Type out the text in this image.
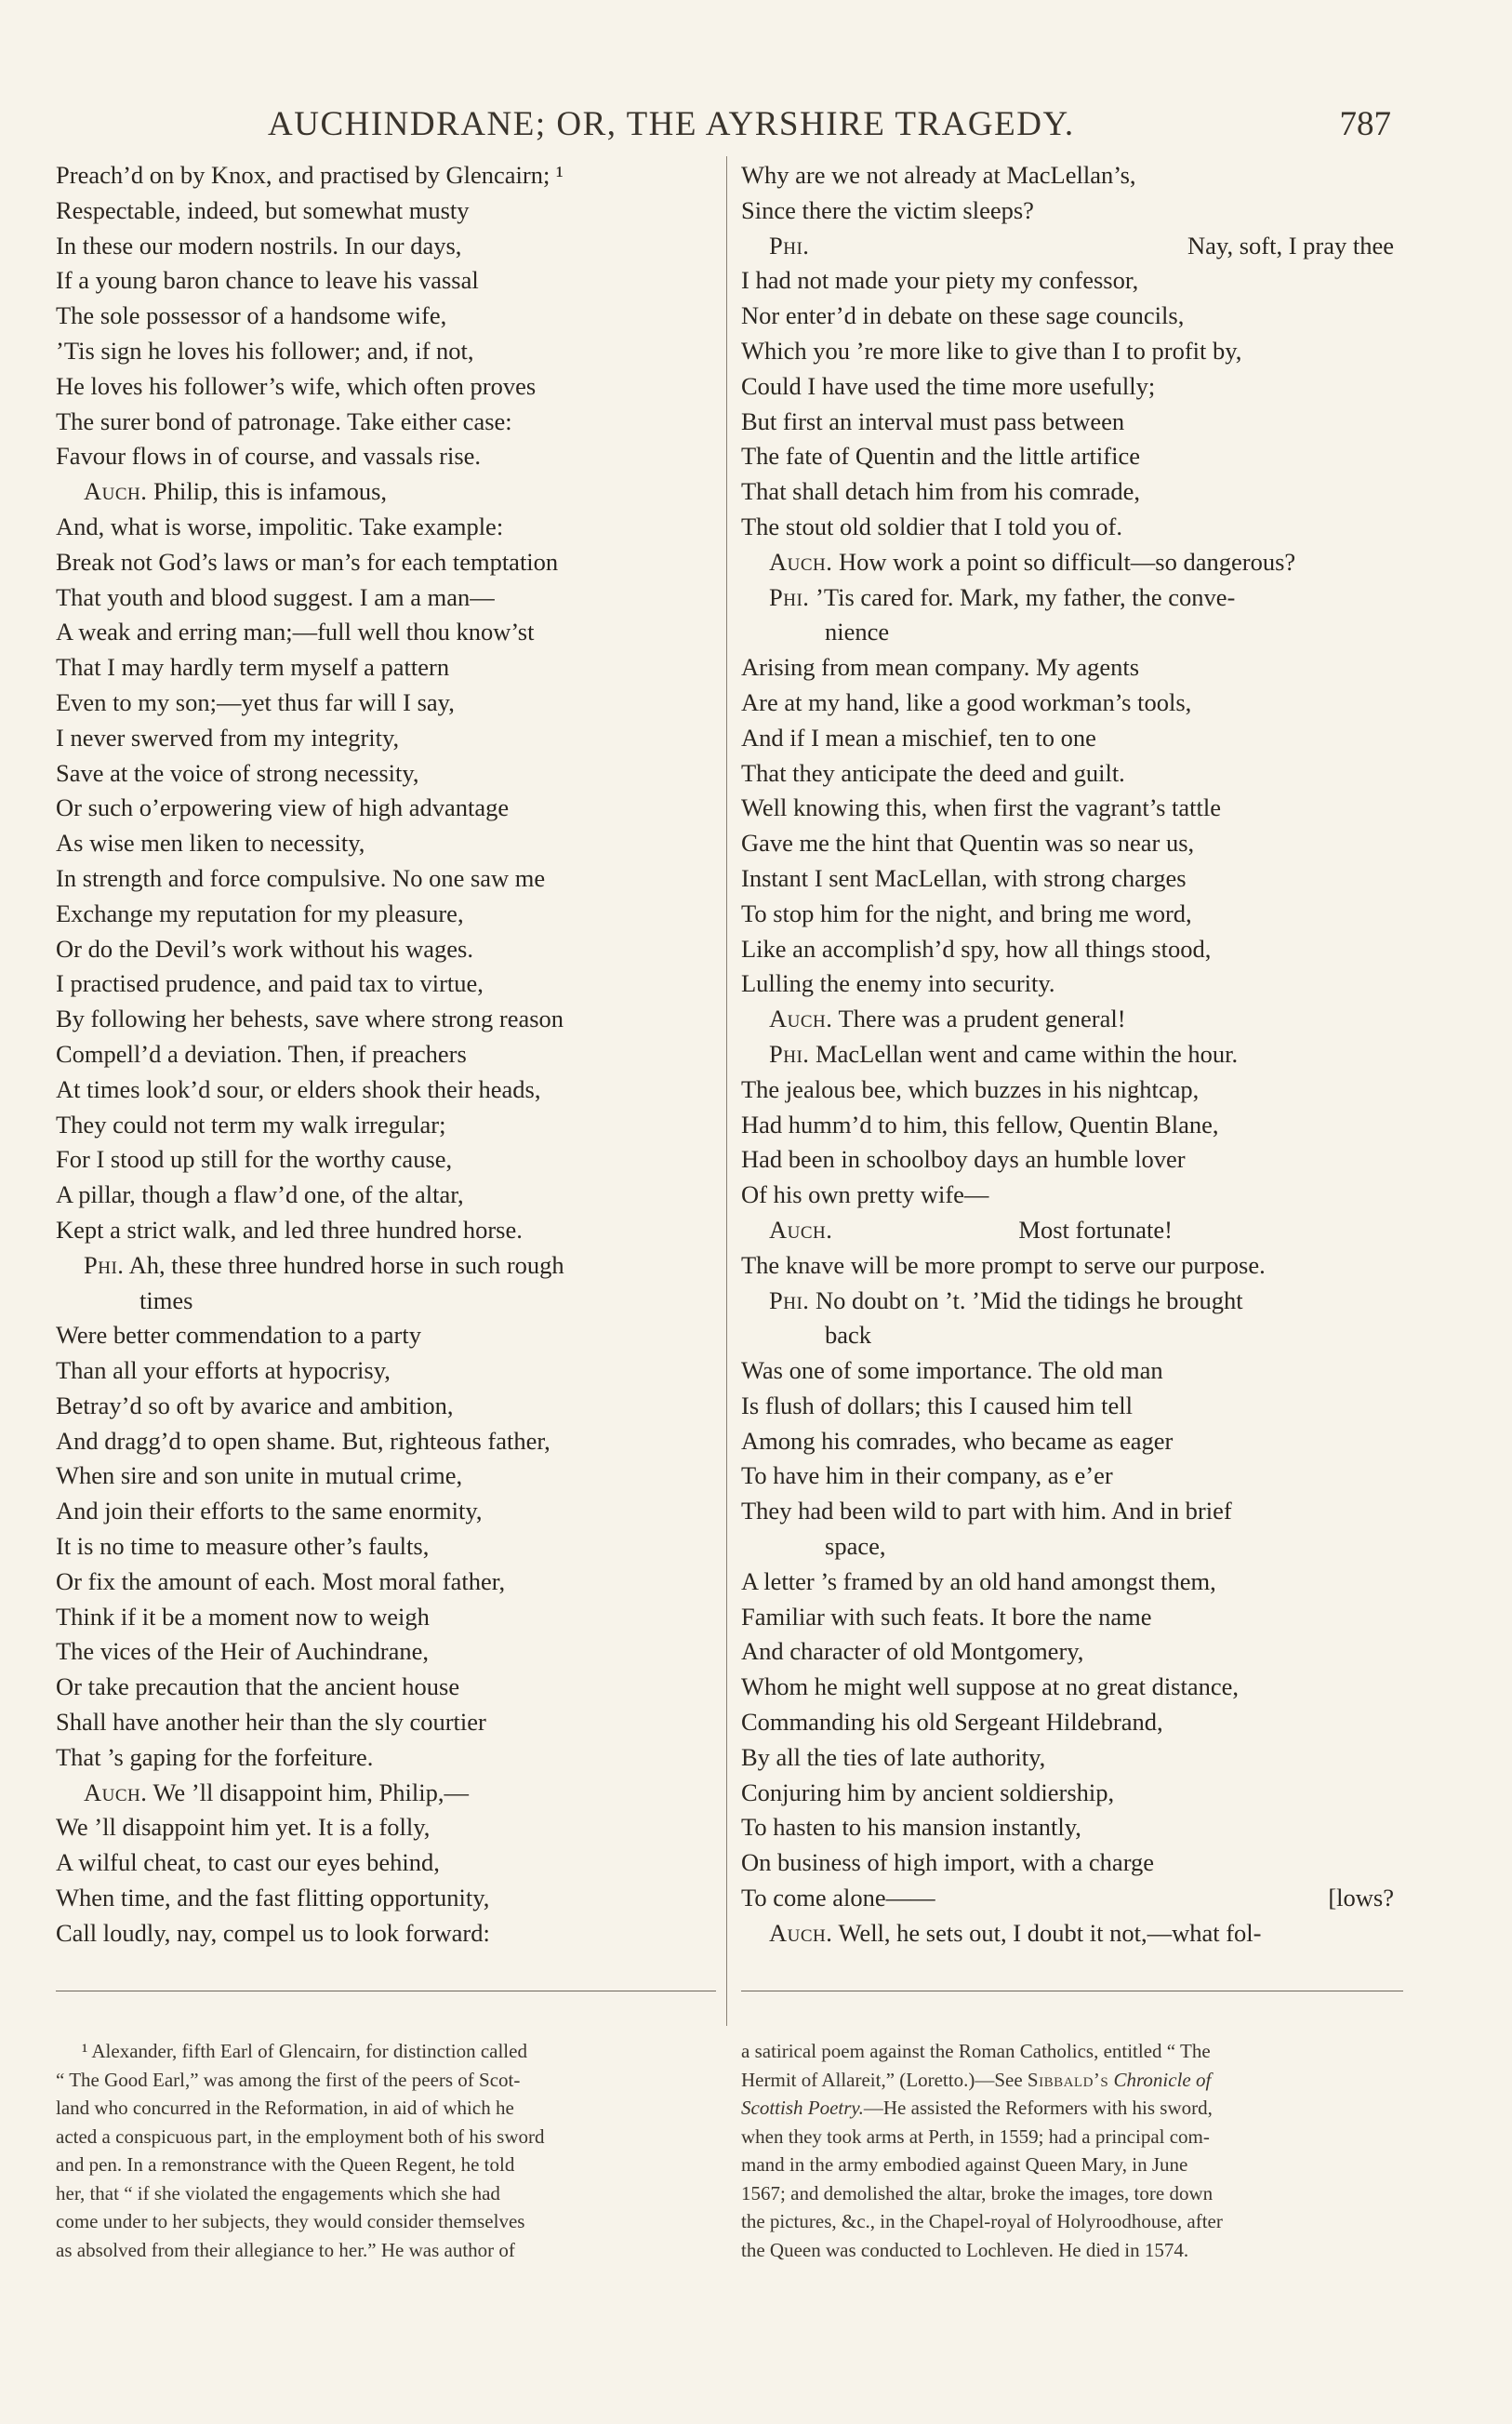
AUCHINDRANE; OR, THE AYRSHIRE TRAGEDY.	787
Preach’d on by Knox, and practised by Glencairn; ¹
Respectable, indeed, but somewhat musty
In these our modern nostrils. In our days,
If a young baron chance to leave his vassal
The sole possessor of a handsome wife,
’Tis sign he loves his follower; and, if not,
He loves his follower’s wife, which often proves
The surer bond of patronage. Take either case:
Favour flows in of course, and vassals rise.
Auch. Philip, this is infamous,
And, what is worse, impolitic. Take example:
Break not God’s laws or man’s for each temptation
That youth and blood suggest. I am a man—
A weak and erring man;—full well thou know’st
That I may hardly term myself a pattern
Even to my son;—yet thus far will I say,
I never swerved from my integrity,
Save at the voice of strong necessity,
Or such o’erpowering view of high advantage
As wise men liken to necessity,
In strength and force compulsive. No one saw me
Exchange my reputation for my pleasure,
Or do the Devil’s work without his wages.
I practised prudence, and paid tax to virtue,
By following her behests, save where strong reason
Compell’d a deviation. Then, if preachers
At times look’d sour, or elders shook their heads,
They could not term my walk irregular;
For I stood up still for the worthy cause,
A pillar, though a flaw’d one, of the altar,
Kept a strict walk, and led three hundred horse.
Phi. Ah, these three hundred horse in such rough
times
Were better commendation to a party
Than all your efforts at hypocrisy,
Betray’d so oft by avarice and ambition,
And dragg’d to open shame. But, righteous father,
When sire and son unite in mutual crime,
And join their efforts to the same enormity,
It is no time to measure other’s faults,
Or fix the amount of each. Most moral father,
Think if it be a moment now to weigh
The vices of the Heir of Auchindrane,
Or take precaution that the ancient house
Shall have another heir than the sly courtier
That ’s gaping for the forfeiture.
Auch. We ’ll disappoint him, Philip,—
We ’ll disappoint him yet. It is a folly,
A wilful cheat, to cast our eyes behind,
When time, and the fast flitting opportunity,
Call loudly, nay, compel us to look forward:
Why are we not already at MacLellan’s,
Since there the victim sleeps?
Phi.	Nay, soft, I pray thee
I had not made your piety my confessor,
Nor enter’d in debate on these sage councils,
Which you ’re more like to give than I to profit by,
Could I have used the time more usefully;
But first an interval must pass between
The fate of Quentin and the little artifice
That shall detach him from his comrade,
The stout old soldier that I told you of.
Auch. How work a point so difficult—so dangerous?
Phi. ’Tis cared for. Mark, my father, the conve-
nience
Arising from mean company. My agents
Are at my hand, like a good workman’s tools,
And if I mean a mischief, ten to one
That they anticipate the deed and guilt.
Well knowing this, when first the vagrant’s tattle
Gave me the hint that Quentin was so near us,
Instant I sent MacLellan, with strong charges
To stop him for the night, and bring me word,
Like an accomplish’d spy, how all things stood,
Lulling the enemy into security.
Auch. There was a prudent general!
Phi. MacLellan went and came within the hour.
The jealous bee, which buzzes in his nightcap,
Had humm’d to him, this fellow, Quentin Blane,
Had been in schoolboy days an humble lover
Of his own pretty wife—
Auch.	Most fortunate!
The knave will be more prompt to serve our purpose.
Phi. No doubt on ’t. ’Mid the tidings he brought
back
Was one of some importance. The old man
Is flush of dollars; this I caused him tell
Among his comrades, who became as eager
To have him in their company, as e’er
They had been wild to part with him. And in brief
space,
A letter ’s framed by an old hand amongst them,
Familiar with such feats. It bore the name
And character of old Montgomery,
Whom he might well suppose at no great distance,
Commanding his old Sergeant Hildebrand,
By all the ties of late authority,
Conjuring him by ancient soldiership,
To hasten to his mansion instantly,
On business of high import, with a charge
To come alone——	[lows?
Auch. Well, he sets out, I doubt it not,—what fol-
¹ Alexander, fifth Earl of Glencairn, for distinction called
“ The Good Earl,” was among the first of the peers of Scot-
land who concurred in the Reformation, in aid of which he
acted a conspicuous part, in the employment both of his sword
and pen. In a remonstrance with the Queen Regent, he told
her, that “ if she violated the engagements which she had
come under to her subjects, they would consider themselves
as absolved from their allegiance to her.” He was author of
a satirical poem against the Roman Catholics, entitled “ The
Hermit of Allareit,” (Loretto.)—See Sibbald’s Chronicle of
Scottish Poetry.—He assisted the Reformers with his sword,
when they took arms at Perth, in 1559; had a principal com-
mand in the army embodied against Queen Mary, in June
1567; and demolished the altar, broke the images, tore down
the pictures, &c., in the Chapel-royal of Holyroodhouse, after
the Queen was conducted to Lochleven. He died in 1574.
